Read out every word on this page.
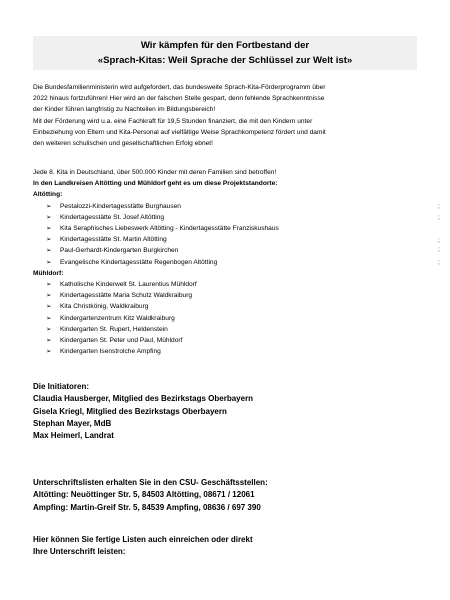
Wir kämpfen für den Fortbestand der
«Sprach-Kitas: Weil Sprache der Schlüssel zur Welt ist»
Die Bundesfamilienministerin wird aufgefordert, das bundesweite Sprach-Kita-Förderprogramm über
2022 hinaus fortzuführen! Hier wird an der falschen Stelle gespart, denn fehlende Sprachkenntnisse
der Kinder führen langfristig zu Nachteilen im Bildungsbereich!
Mit der Förderung wird u.a. eine Fachkraft für 19,5 Stunden finanziert, die mit den Kindern unter
Einbeziehung von Eltern und Kita-Personal auf vielfältige Weise Sprachkompetenz fördert und damit
den weiteren schulischen und gesellschaftlichen Erfolg ebnet!
Jede 8. Kita in Deutschland, über 500.000 Kinder mit deren Familien sind betroffen!
In den Landkreisen Altötting und Mühldorf geht es um diese Projektstandorte:
Altötting:
➢ Pestalozzi-Kindertagesstätte Burghausen
➢ Kindertagesstätte St. Josef Altötting
➢ Kita Seraphisches Liebeswerk Altötting - Kindertagesstätte Franziskushaus
➢ Kindertagesstätte St. Martin Altötting
➢ Paul-Gerhardt-Kindergarten Burgkirchen
➢ Evangelische Kindertagesstätte Regenbogen Altötting
Mühldorf:
➢ Katholische Kinderwelt St. Laurentius Mühldorf
➢ Kindertagesstätte Maria Schutz Waldkraiburg
➢ Kita Christkönig, Waldkraiburg
➢ Kindergartenzentrum Kitz Waldkraiburg
➢ Kindergarten St. Rupert, Heldenstein
➢ Kindergarten St. Peter und Paul, Mühldorf
➢ Kindergarten Isenstrolche Ampfing
;
;
;
;
;
Die Initiatoren:
Claudia Hausberger, Mitglied des Bezirkstags Oberbayern
Gisela Kriegl, Mitglied des Bezirkstags Oberbayern
Stephan Mayer, MdB
Max Heimerl, Landrat
Unterschriftslisten erhalten Sie in den CSU- Geschäftsstellen:
Altötting: Neuöttinger Str. 5, 84503 Altötting, 08671 / 12061
Ampfing: Martin-Greif Str. 5, 84539 Ampfing, 08636 / 697 390
Hier können Sie fertige Listen auch einreichen oder direkt
Ihre Unterschrift leisten:
